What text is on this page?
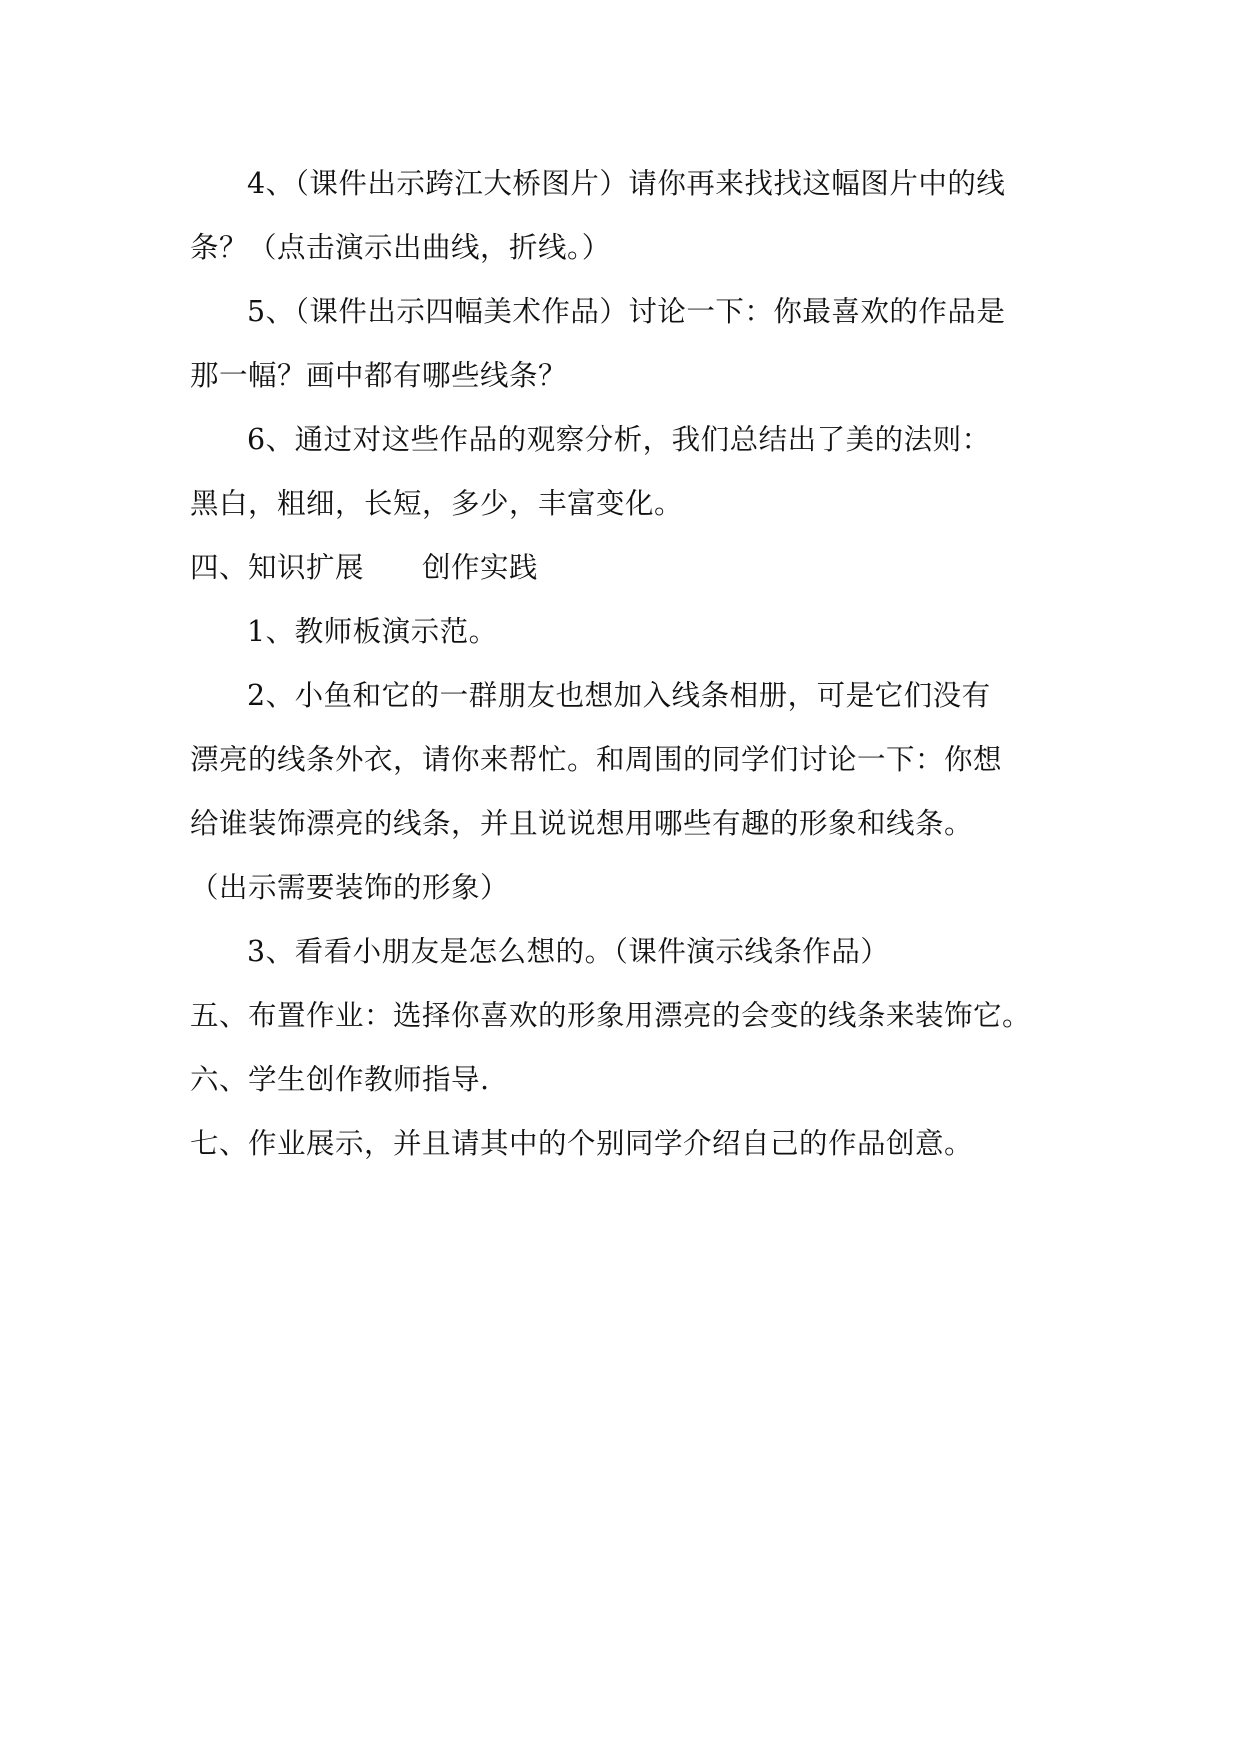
4、（课件出示跨江大桥图片）请你再来找找这幅图片中的线
条？（点击演示出曲线，折线。）
5、（课件出示四幅美术作品）讨论一下：你最喜欢的作品是
那一幅？画中都有哪些线条？
6、通过对这些作品的观察分析，我们总结出了美的法则：
黑白，粗细，长短，多少，丰富变化。
四、知识扩展　　创作实践
1、教师板演示范。
2、小鱼和它的一群朋友也想加入线条相册，可是它们没有
漂亮的线条外衣，请你来帮忙。和周围的同学们讨论一下：你想
给谁装饰漂亮的线条，并且说说想用哪些有趣的形象和线条。
（出示需要装饰的形象）
3、看看小朋友是怎么想的。（课件演示线条作品）
五、布置作业：选择你喜欢的形象用漂亮的会变的线条来装饰它。
六、学生创作教师指导.
七、作业展示，并且请其中的个别同学介绍自己的作品创意。
